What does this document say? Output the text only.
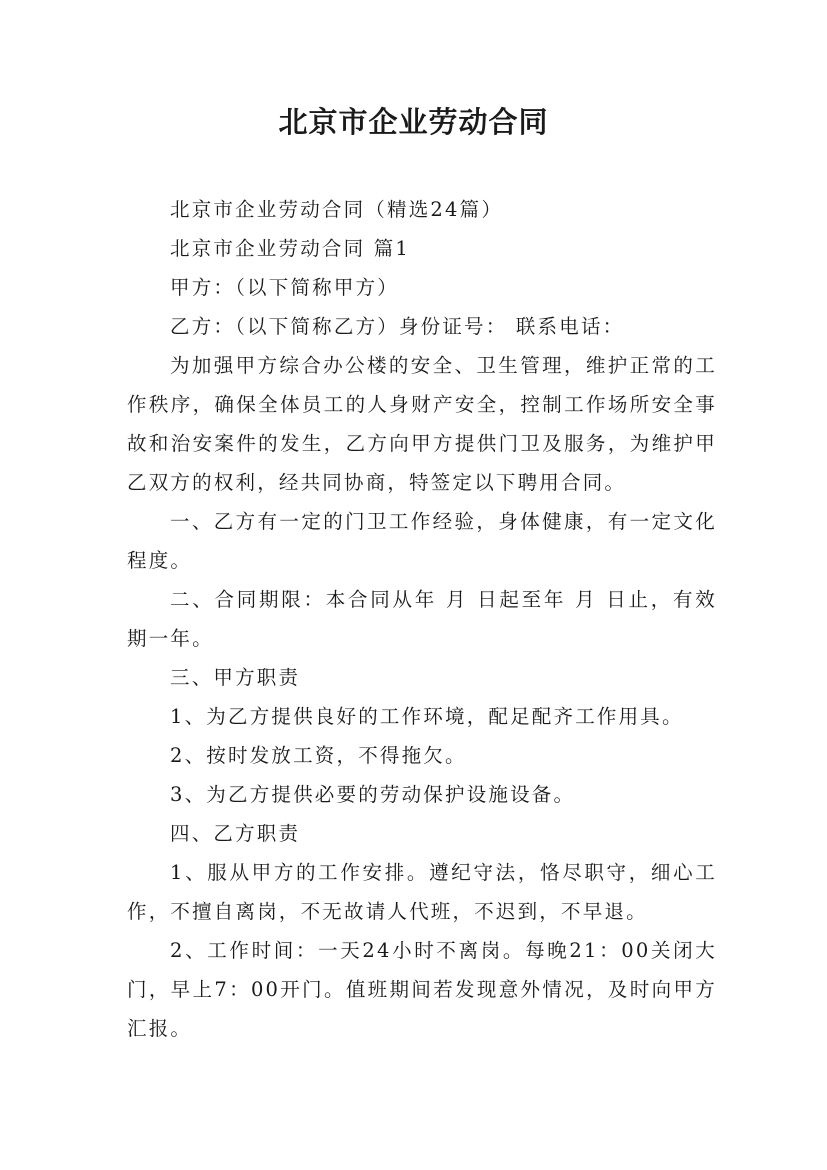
北京市企业劳动合同

北京市企业劳动合同（精选24篇）

北京市企业劳动合同 篇1

甲方：（以下简称甲方）

乙方：（以下简称乙方）身份证号： 联系电话：

为加强甲方综合办公楼的安全、卫生管理，维护正常的工作秩序，确保全体员工的人身财产安全，控制工作场所安全事故和治安案件的发生，乙方向甲方提供门卫及服务，为维护甲乙双方的权利，经共同协商，特签定以下聘用合同。

一、乙方有一定的门卫工作经验，身体健康，有一定文化程度。

二、合同期限：本合同从年 月 日起至年 月 日止，有效期一年。

三、甲方职责

1、为乙方提供良好的工作环境，配足配齐工作用具。

2、按时发放工资，不得拖欠。

3、为乙方提供必要的劳动保护设施设备。

四、乙方职责

1、服从甲方的工作安排。遵纪守法，恪尽职守，细心工作，不擅自离岗，不无故请人代班，不迟到，不早退。

2、工作时间：一天24小时不离岗。每晚21：00关闭大门，早上7：00开门。值班期间若发现意外情况，及时向甲方汇报。
